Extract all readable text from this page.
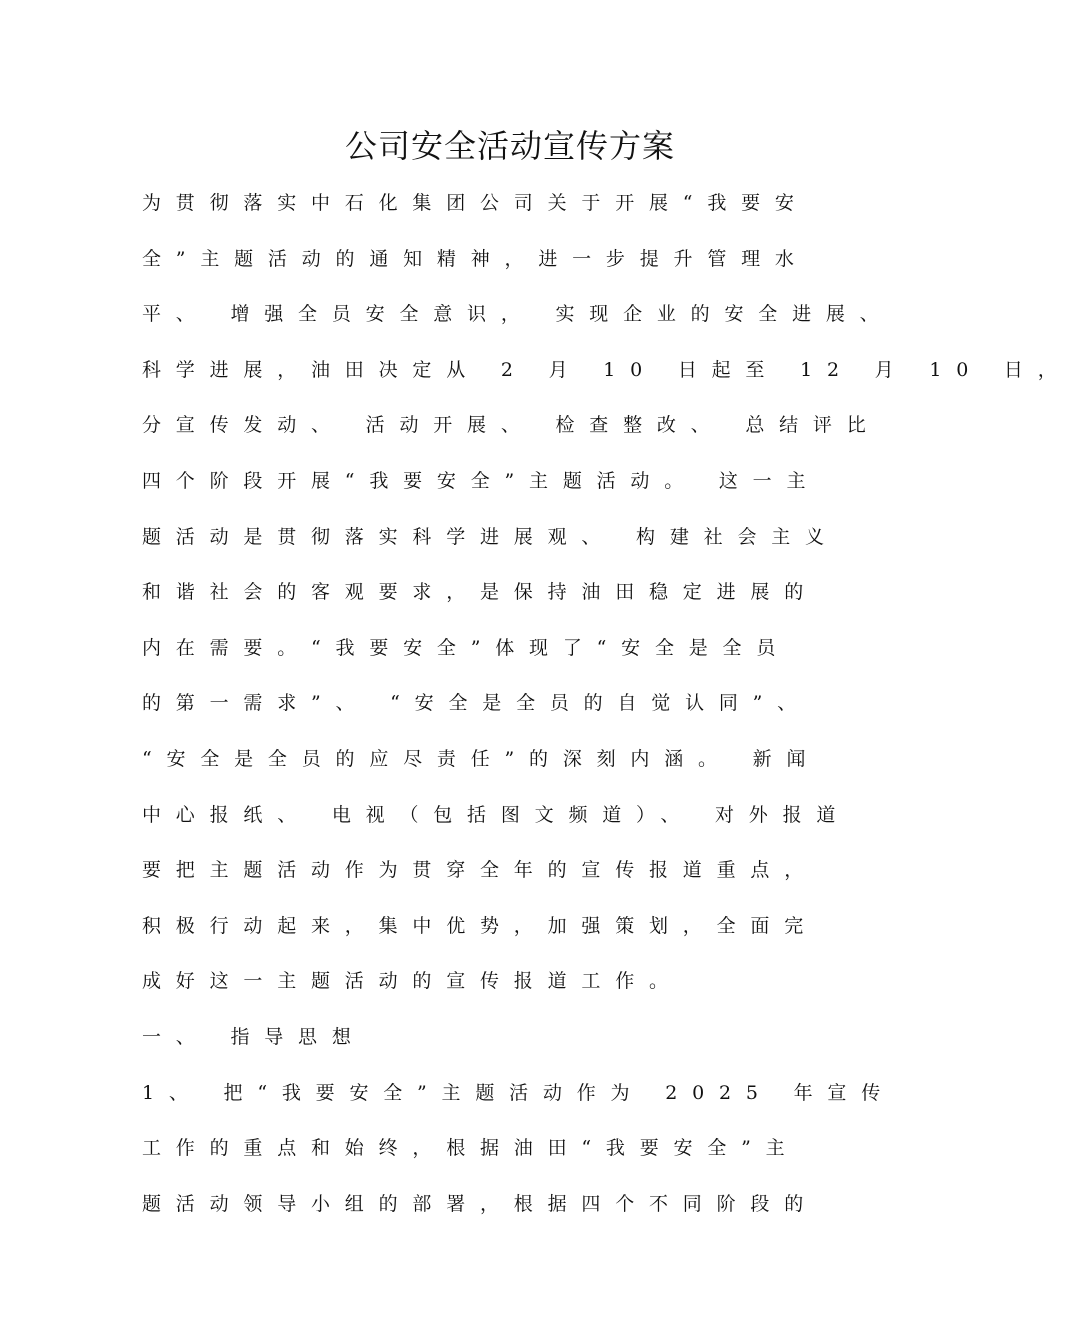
公司安全活动宣传方案
为贯彻落实中石化集团公司关于开展“我要安
全”主题活动的通知精神，进一步提升管理水
平、 增强全员安全意识， 实现企业的安全进展、
科学进展，油田决定从 2 月 10 日起至 12 月 10 日，
分宣传发动、 活动开展、 检查整改、 总结评比
四个阶段开展“我要安全”主题活动。 这一主
题活动是贯彻落实科学进展观、 构建社会主义
和谐社会的客观要求，是保持油田稳定进展的
内在需要。“我要安全”体现了“安全是全员
的第一需求”、 “安全是全员的自觉认同”、
“安全是全员的应尽责任”的深刻内涵。 新闻
中心报纸、 电视（包括图文频道）、 对外报道
要把主题活动作为贯穿全年的宣传报道重点，
积极行动起来，集中优势，加强策划，全面完
成好这一主题活动的宣传报道工作。
一、 指导思想
1、 把“我要安全”主题活动作为 2025 年宣传
工作的重点和始终，根据油田“我要安全”主
题活动领导小组的部署，根据四个不同阶段的
